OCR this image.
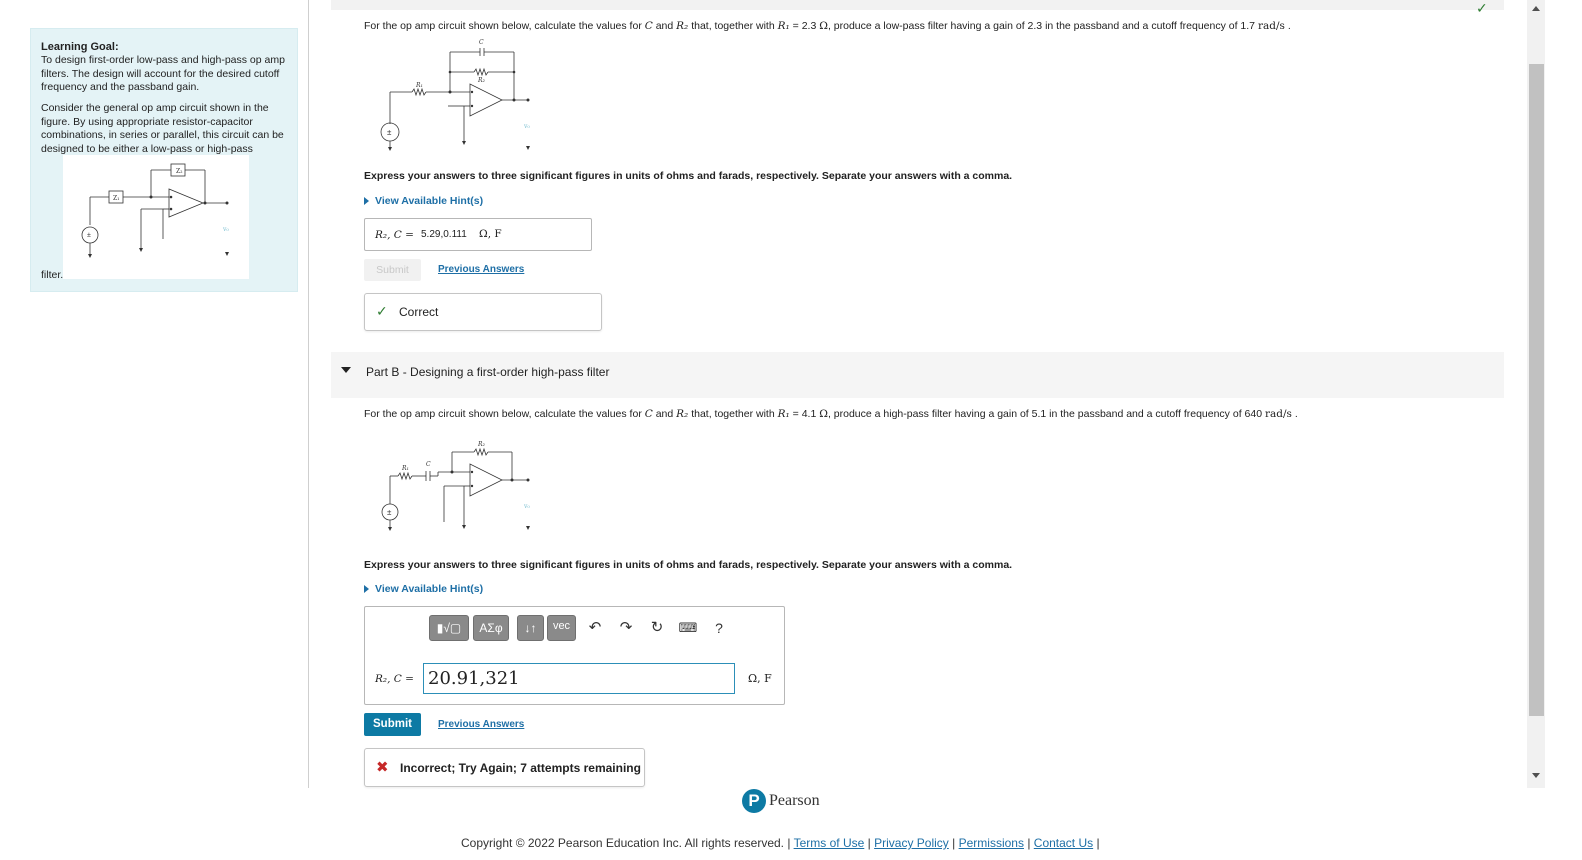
Learning Goal:
To design first-order low-pass and high-pass op amp filters. The design will account for the desired cutoff frequency and the passband gain.
Consider the general op amp circuit shown in the figure. By using appropriate resistor-capacitor combinations, in series or parallel, this circuit can be designed to be either a low-pass or high-pass
Z₂
Z₁
v₀
±
filter.
✓
For the op amp circuit shown below, calculate the values for C and R₂ that, together with R₁ = 2.3 Ω, produce a low-pass filter having a gain of 2.3 in the passband and a cutoff frequency of 1.7 rad/s .
C
R₂
R₁
v₀
±
Express your answers to three significant figures in units of ohms and farads, respectively. Separate your answers with a comma.
View Available Hint(s)
R₂, C = 5.29,0.111 Ω, F
Submit	Previous Answers
✓ Correct
Part B - Designing a first-order high-pass filter
For the op amp circuit shown below, calculate the values for C and R₂ that, together with R₁ = 4.1 Ω, produce a high-pass filter having a gain of 5.1 in the passband and a cutoff frequency of 640 rad/s .
R₂
R₁
C
v₀
±
Express your answers to three significant figures in units of ohms and farads, respectively. Separate your answers with a comma.
View Available Hint(s)
▮√▢	ΑΣφ	↓↑	vec	↶	↷	↻	⌨	?
R₂, C = 20.91,321	Ω, F
Submit	Previous Answers
✖ Incorrect; Try Again; 7 attempts remaining
P Pearson
Copyright © 2022 Pearson Education Inc. All rights reserved. | Terms of Use | Privacy Policy | Permissions | Contact Us |
